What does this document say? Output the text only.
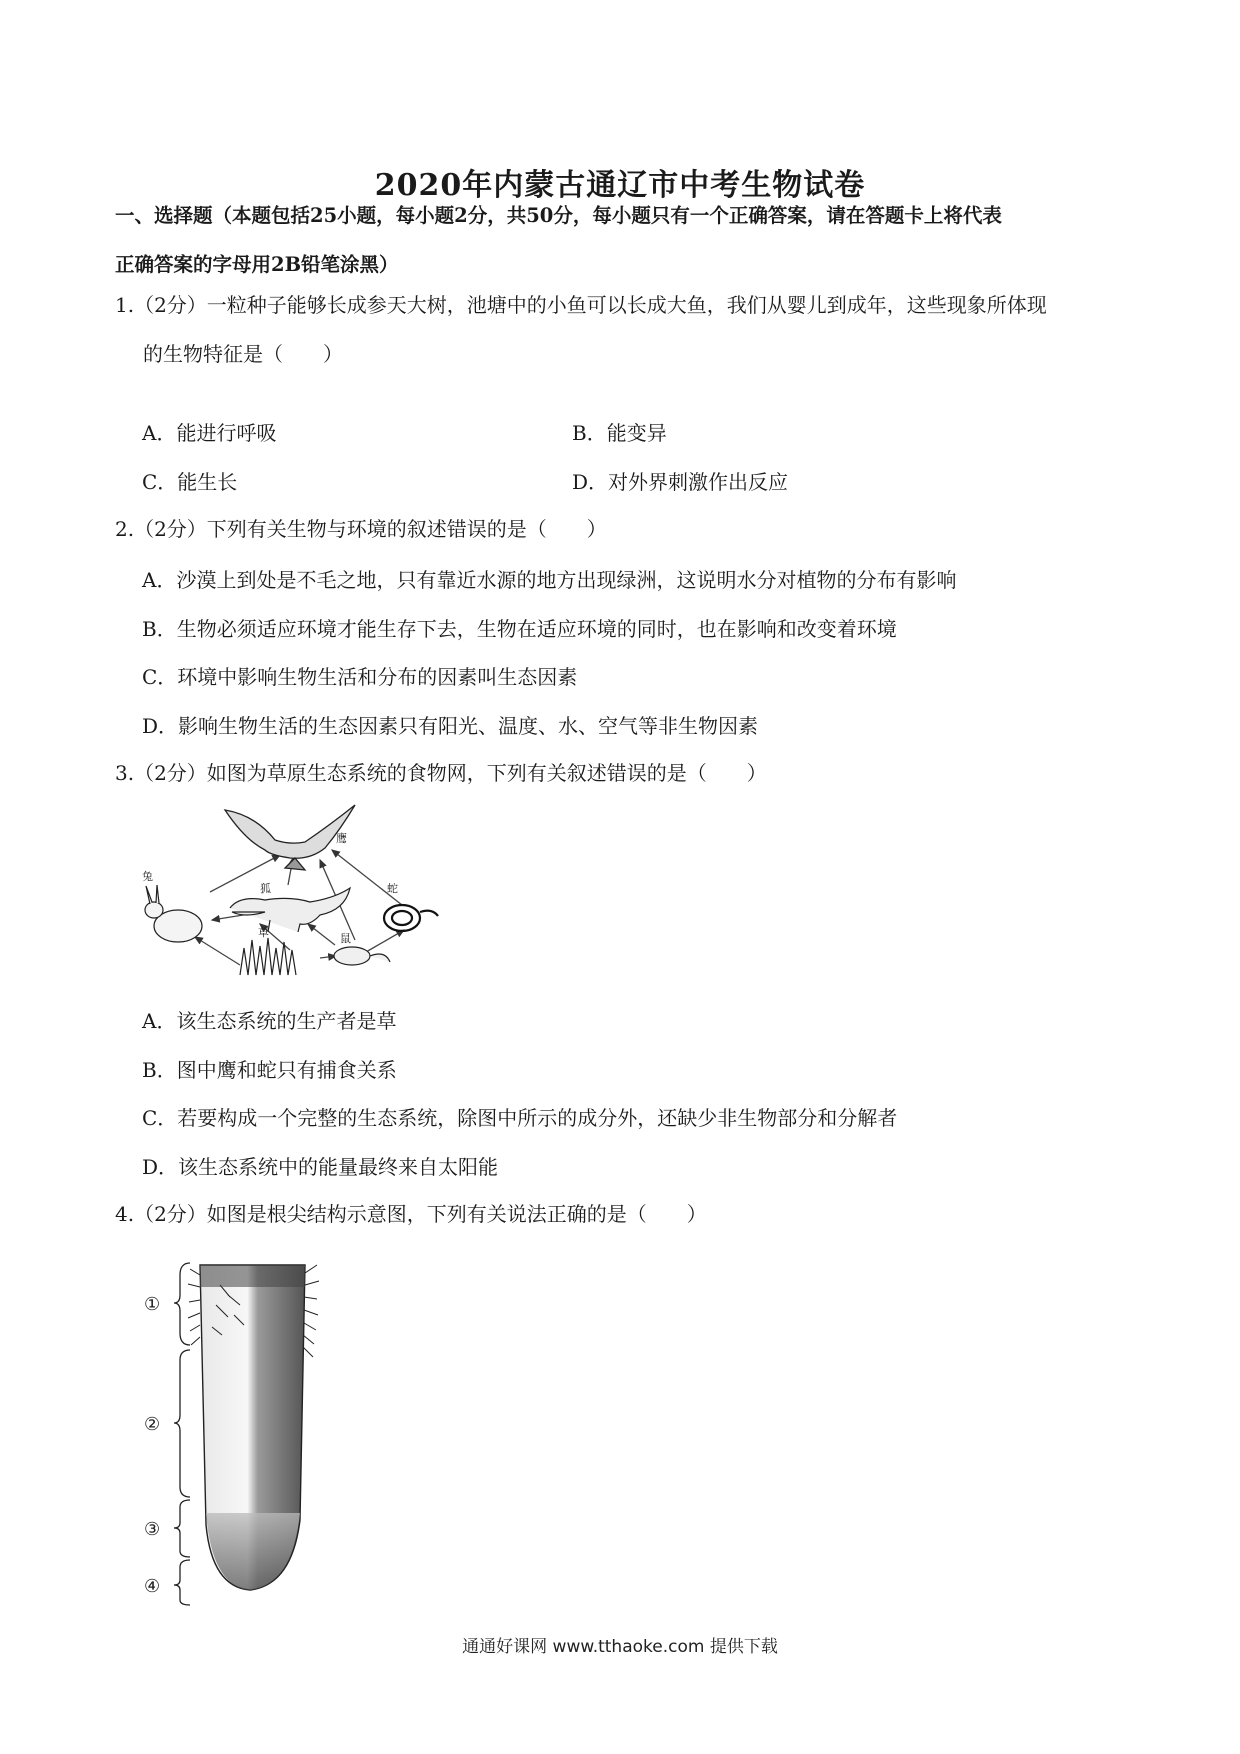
2020年内蒙古通辽市中考生物试卷
一、选择题（本题包括25小题，每小题2分，共50分，每小题只有一个正确答案，请在答题卡上将代表
正确答案的字母用2B铅笔涂黑）
1.（2分）一粒种子能够长成参天大树，池塘中的小鱼可以长成大鱼，我们从婴儿到成年，这些现象所体现
的生物特征是（　　）
A．能进行呼吸	B．能变异
C．能生长	D．对外界刺激作出反应
2.（2分）下列有关生物与环境的叙述错误的是（　　）
A．沙漠上到处是不毛之地，只有靠近水源的地方出现绿洲，这说明水分对植物的分布有影响
B．生物必须适应环境才能生存下去，生物在适应环境的同时，也在影响和改变着环境
C．环境中影响生物生活和分布的因素叫生态因素
D．影响生物生活的生态因素只有阳光、温度、水、空气等非生物因素
3.（2分）如图为草原生态系统的食物网，下列有关叙述错误的是（　　）
鹰
兔
狐	蛇
草	鼠
A．该生态系统的生产者是草
B．图中鹰和蛇只有捕食关系
C．若要构成一个完整的生态系统，除图中所示的成分外，还缺少非生物部分和分解者
D．该生态系统中的能量最终来自太阳能
4.（2分）如图是根尖结构示意图，下列有关说法正确的是（　　）
①
②
③
④
通通好课网 www.tthaoke.com 提供下载
